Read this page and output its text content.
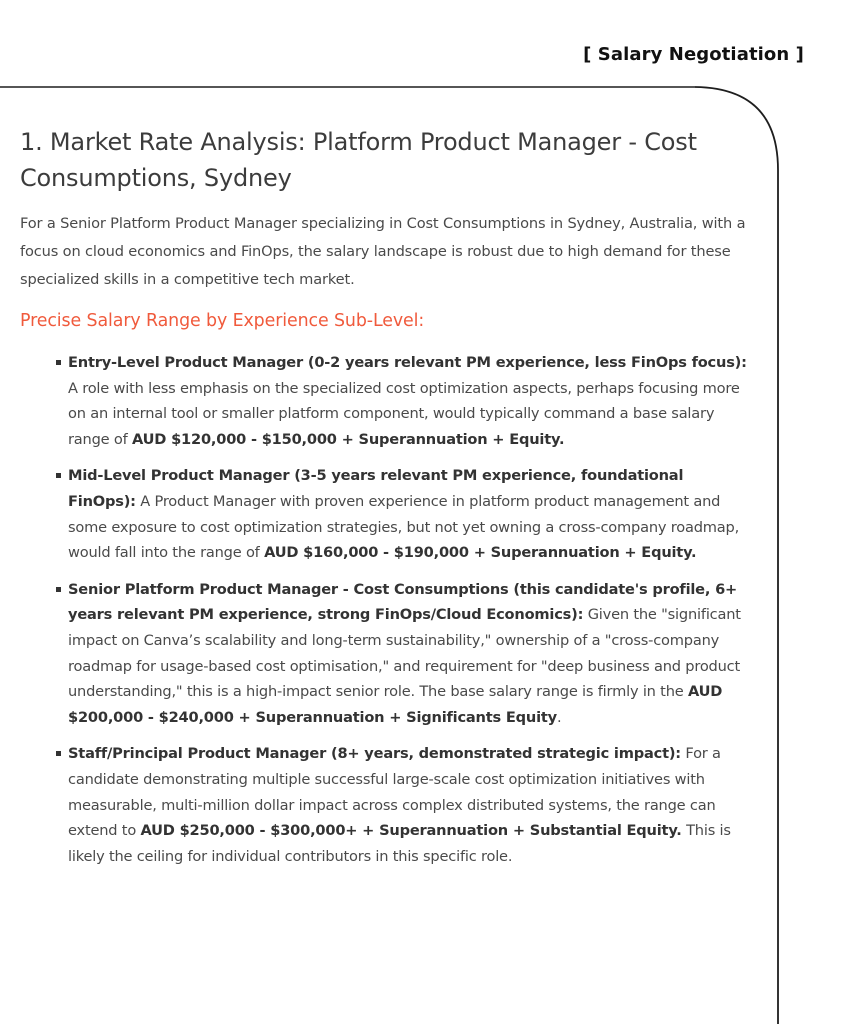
[ Salary Negotiation ]
1. Market Rate Analysis: Platform Product Manager - Cost Consumptions, Sydney

For a Senior Platform Product Manager specializing in Cost Consumptions in Sydney, Australia, with a focus on cloud economics and FinOps, the salary landscape is robust due to high demand for these specialized skills in a competitive tech market.

Precise Salary Range by Experience Sub-Level:
Entry-Level Product Manager (0-2 years relevant PM experience, less FinOps focus): A role with less emphasis on the specialized cost optimization aspects, perhaps focusing more on an internal tool or smaller platform component, would typically command a base salary range of AUD $120,000 - $150,000 + Superannuation + Equity.
Mid-Level Product Manager (3-5 years relevant PM experience, foundational FinOps): A Product Manager with proven experience in platform product management and some exposure to cost optimization strategies, but not yet owning a cross-company roadmap, would fall into the range of AUD $160,000 - $190,000 + Superannuation + Equity.
Senior Platform Product Manager - Cost Consumptions (this candidate's profile, 6+ years relevant PM experience, strong FinOps/Cloud Economics): Given the "significant impact on Canva’s scalability and long-term sustainability," ownership of a "cross-company roadmap for usage-based cost optimisation," and requirement for "deep business and product understanding," this is a high-impact senior role. The base salary range is firmly in the AUD $200,000 - $240,000 + Superannuation + Significants Equity.
Staff/Principal Product Manager (8+ years, demonstrated strategic impact): For a candidate demonstrating multiple successful large-scale cost optimization initiatives with measurable, multi-million dollar impact across complex distributed systems, the range can extend to AUD $250,000 - $300,000+ + Superannuation + Substantial Equity. This is likely the ceiling for individual contributors in this specific role.
